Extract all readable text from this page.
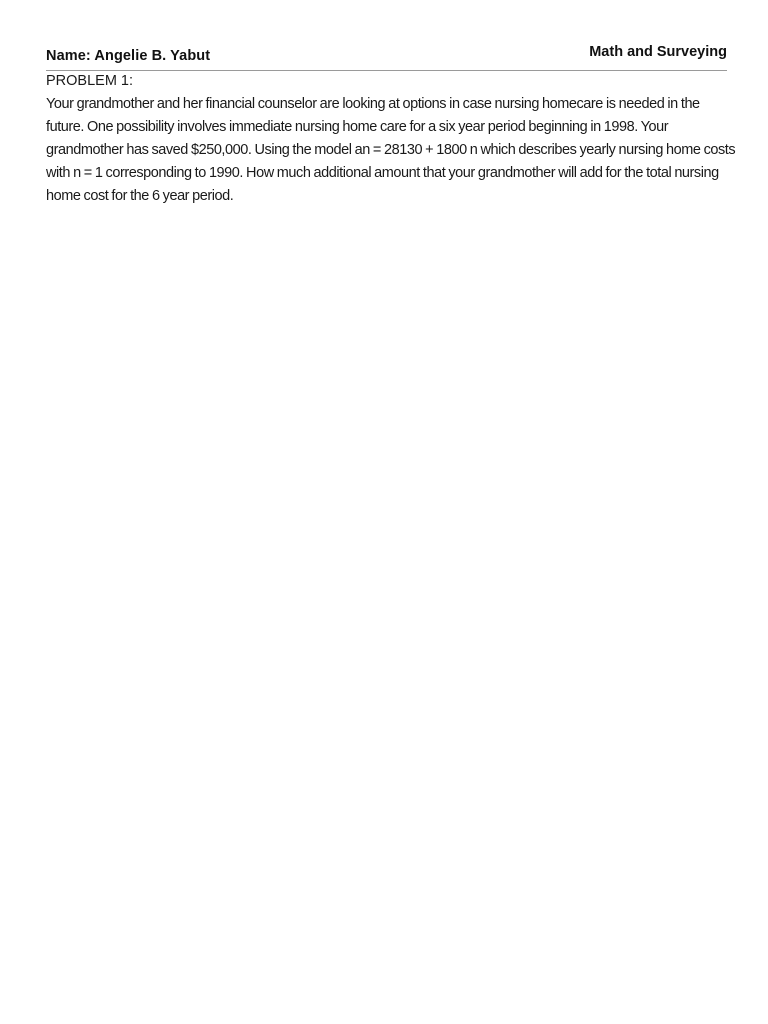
Name: Angelie B. Yabut	Math and Surveying
PROBLEM 1:
Your grandmother and her financial counselor are looking at options in case nursing homecare is needed in the future. One possibility involves immediate nursing home care for a six year period beginning in 1998. Your grandmother has saved $250,000. Using the model an = 28130 + 1800 n which describes yearly nursing home costs with n = 1 corresponding to 1990. How much additional amount that your grandmother will add for the total nursing home cost for the 6 year period.
